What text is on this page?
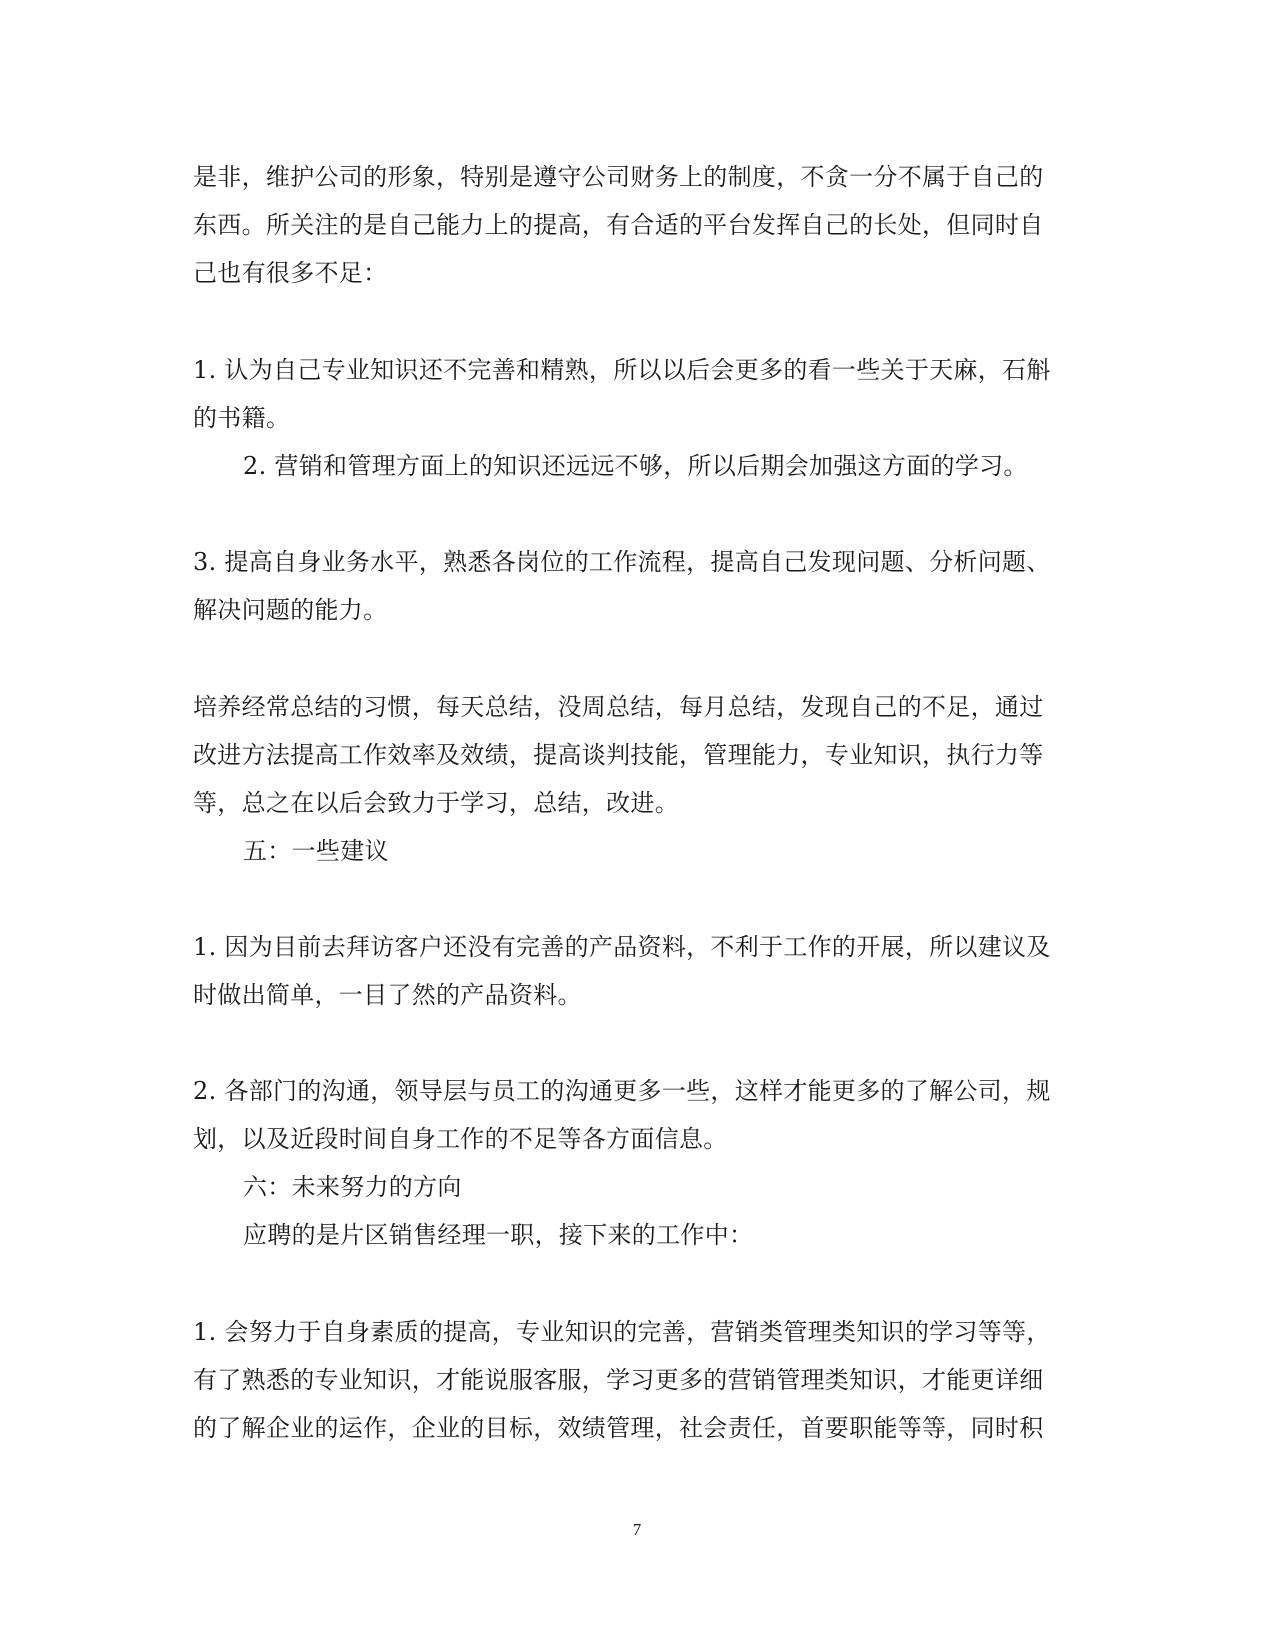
是非，维护公司的形象，特别是遵守公司财务上的制度，不贪一分不属于自己的
东西。所关注的是自己能力上的提高，有合适的平台发挥自己的长处，但同时自
己也有很多不足：
1. 认为自己专业知识还不完善和精熟，所以以后会更多的看一些关于天麻，石斛
的书籍。
2. 营销和管理方面上的知识还远远不够，所以后期会加强这方面的学习。
3. 提高自身业务水平，熟悉各岗位的工作流程，提高自己发现问题、分析问题、
解决问题的能力。
培养经常总结的习惯，每天总结，没周总结，每月总结，发现自己的不足，通过
改进方法提高工作效率及效绩，提高谈判技能，管理能力，专业知识，执行力等
等，总之在以后会致力于学习，总结，改进。
五：一些建议
1. 因为目前去拜访客户还没有完善的产品资料，不利于工作的开展，所以建议及
时做出简单，一目了然的产品资料。
2. 各部门的沟通，领导层与员工的沟通更多一些，这样才能更多的了解公司，规
划，以及近段时间自身工作的不足等各方面信息。
六：未来努力的方向
应聘的是片区销售经理一职，接下来的工作中：
1. 会努力于自身素质的提高，专业知识的完善，营销类管理类知识的学习等等，
有了熟悉的专业知识，才能说服客服，学习更多的营销管理类知识，才能更详细
的了解企业的运作，企业的目标，效绩管理，社会责任，首要职能等等，同时积
7
